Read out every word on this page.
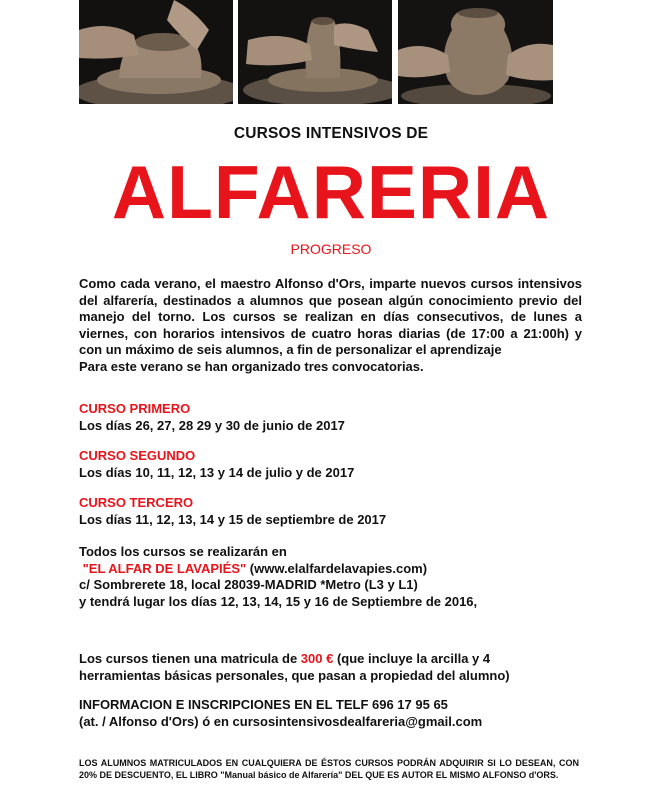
CURSOS INTENSIVOS DE
ALFARERIA
PROGRESO
Como cada verano, el maestro Alfonso d'Ors, imparte nuevos cursos intensivos del alfarería, destinados a alumnos que posean algún conocimiento previo del manejo del torno. Los cursos se realizan en días consecutivos, de lunes a viernes, con horarios intensivos de cuatro horas diarias (de 17:00 a 21:00h) y con un máximo de seis alumnos, a fin de personalizar el aprendizaje
Para este verano se han organizado tres convocatorias.
CURSO PRIMERO
Los días 26, 27, 28 29 y 30 de junio de 2017
CURSO SEGUNDO
Los días 10, 11, 12, 13 y 14 de julio y de 2017
CURSO TERCERO
Los días 11, 12, 13, 14 y 15 de septiembre de 2017
Todos los cursos se realizarán en
"EL ALFAR DE LAVAPIÉS" (www.elalfardelavapies.com)
c/ Sombrerete 18, local 28039-MADRID *Metro (L3 y L1)
y tendrá lugar los días 12, 13, 14, 15 y 16 de Septiembre de 2016,
Los cursos tienen una matricula de 300 € (que incluye la arcilla y 4
herramientas básicas personales, que pasan a propiedad del alumno)
INFORMACION E INSCRIPCIONES EN EL TELF 696 17 95 65
(at. / Alfonso d'Ors) ó en cursosintensivosdealfareria@gmail.com
LOS ALUMNOS MATRICULADOS EN CUALQUIERA DE ÉSTOS CURSOS PODRÁN ADQUIRIR SI LO DESEAN, CON 20% DE DESCUENTO, EL LIBRO "Manual básico de Alfarería" DEL QUE ES AUTOR EL MISMO ALFONSO d'ORS.
